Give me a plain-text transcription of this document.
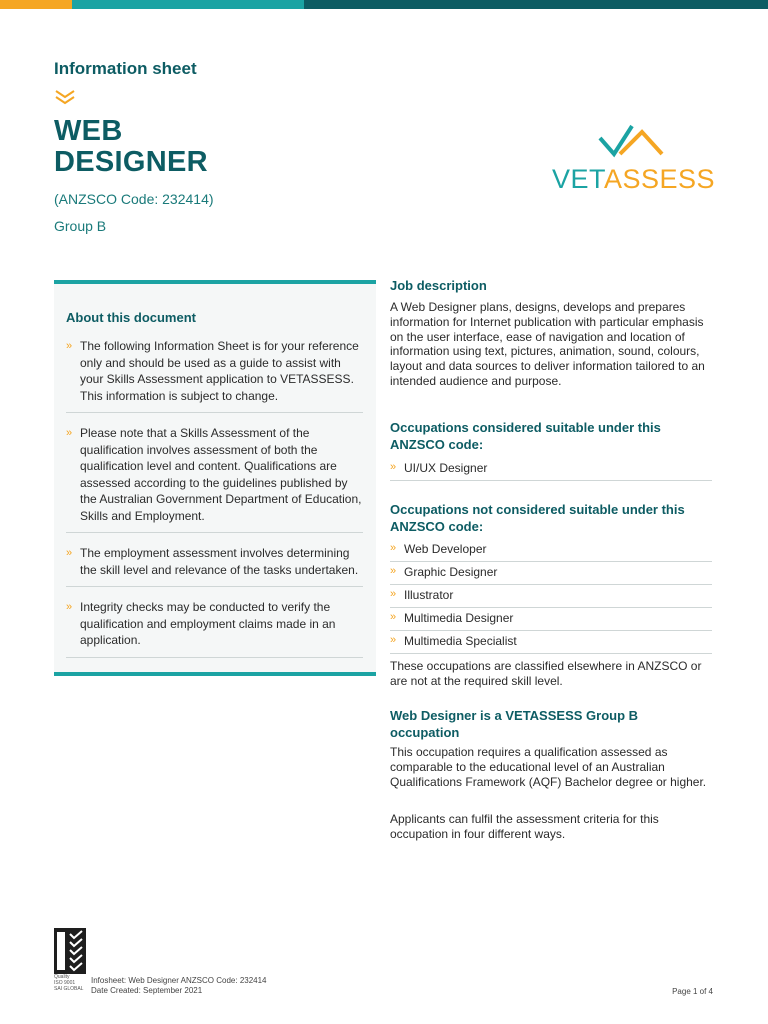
Information sheet
WEB
DESIGNER
(ANZSCO Code: 232414)
Group B
VETASSESS
About this document
» The following Information Sheet is for your reference only and should be used as a guide to assist with your Skills Assessment application to VETASSESS. This information is subject to change.
» Please note that a Skills Assessment of the qualification involves assessment of both the qualification level and content. Qualifications are assessed according to the guidelines published by the Australian Government Department of Education, Skills and Employment.
» The employment assessment involves determining the skill level and relevance of the tasks undertaken.
» Integrity checks may be conducted to verify the qualification and employment claims made in an application.
Job description
A Web Designer plans, designs, develops and prepares information for Internet publication with particular emphasis on the user interface, ease of navigation and location of information using text, pictures, animation, sound, colours, layout and data sources to deliver information tailored to an intended audience and purpose.
Occupations considered suitable under this ANZSCO code:
» UI/UX Designer
Occupations not considered suitable under this ANZSCO code:
» Web Developer
» Graphic Designer
» Illustrator
» Multimedia Designer
» Multimedia Specialist
These occupations are classified elsewhere in ANZSCO or are not at the required skill level.
Web Designer is a VETASSESS Group B occupation
This occupation requires a qualification assessed as comparable to the educational level of an Australian Qualifications Framework (AQF) Bachelor degree or higher.
Applicants can fulfil the assessment criteria for this occupation in four different ways.
Quality
ISO 9001
SAI GLOBAL
Infosheet: Web Designer ANZSCO Code: 232414
Date Created: September 2021	Page 1 of 4
